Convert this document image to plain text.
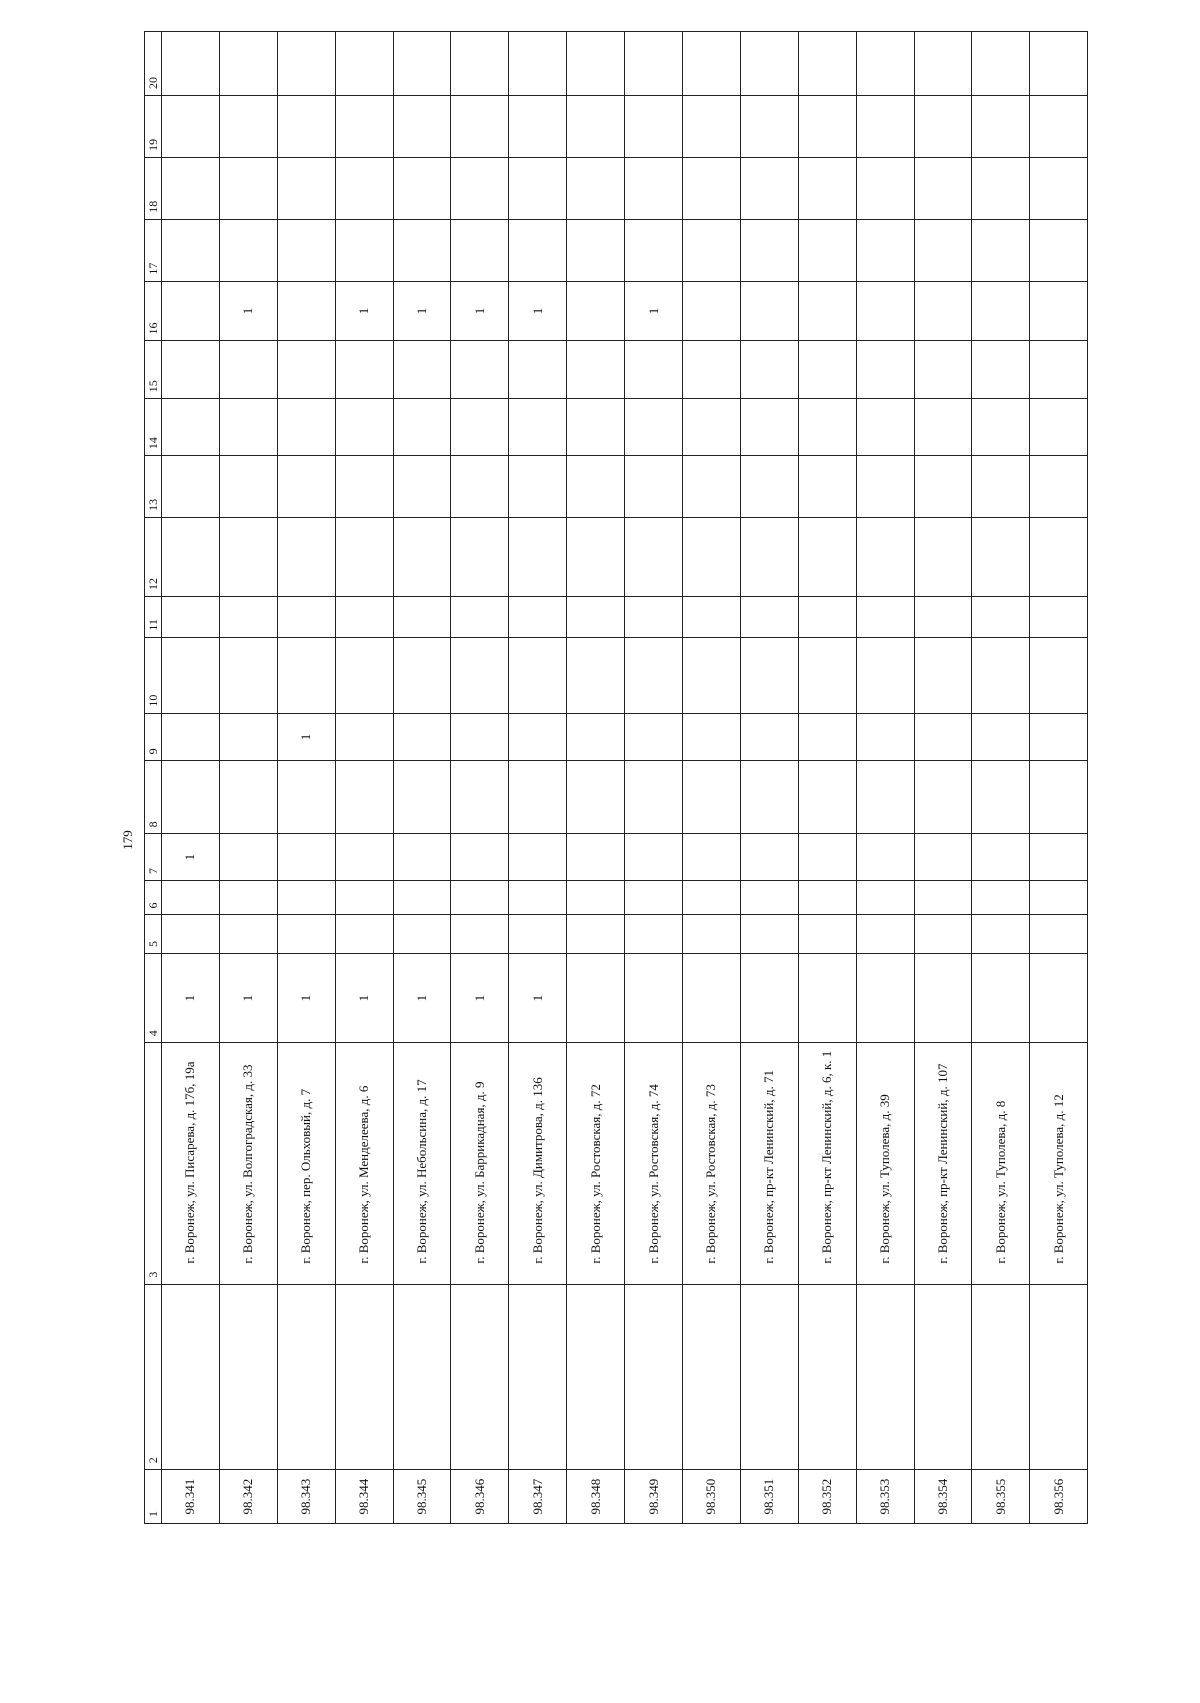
179
1	2	3	4	5	6	7	8	9	10	11	12	13	14	15	16	17	18	19	20
98.341		г. Воронеж, ул. Писарева, д. 17б, 19а	1			1													
98.342		г. Воронеж, ул. Волгоградская, д. 33	1												1				
98.343		г. Воронеж, пер. Ольховый, д. 7	1					1											
98.344		г. Воронеж, ул. Менделеева, д. 6	1												1				
98.345		г. Воронеж, ул. Небольсина, д. 17	1												1				
98.346		г. Воронеж, ул. Баррикадная, д. 9	1												1				
98.347		г. Воронеж, ул. Димитрова, д. 136	1												1				
98.348		г. Воронеж, ул. Ростовская, д. 72																	
98.349		г. Воронеж, ул. Ростовская, д. 74													1				
98.350		г. Воронеж, ул. Ростовская, д. 73																	
98.351		г. Воронеж, пр-кт Ленинский, д. 71																	
98.352		г. Воронеж, пр-кт Ленинский, д. 6, к. 1																	
98.353		г. Воронеж, ул. Туполева, д. 39																	
98.354		г. Воронеж, пр-кт Ленинский, д. 107																	
98.355		г. Воронеж, ул. Туполева, д. 8																	
98.356		г. Воронеж, ул. Туполева, д. 12																	
